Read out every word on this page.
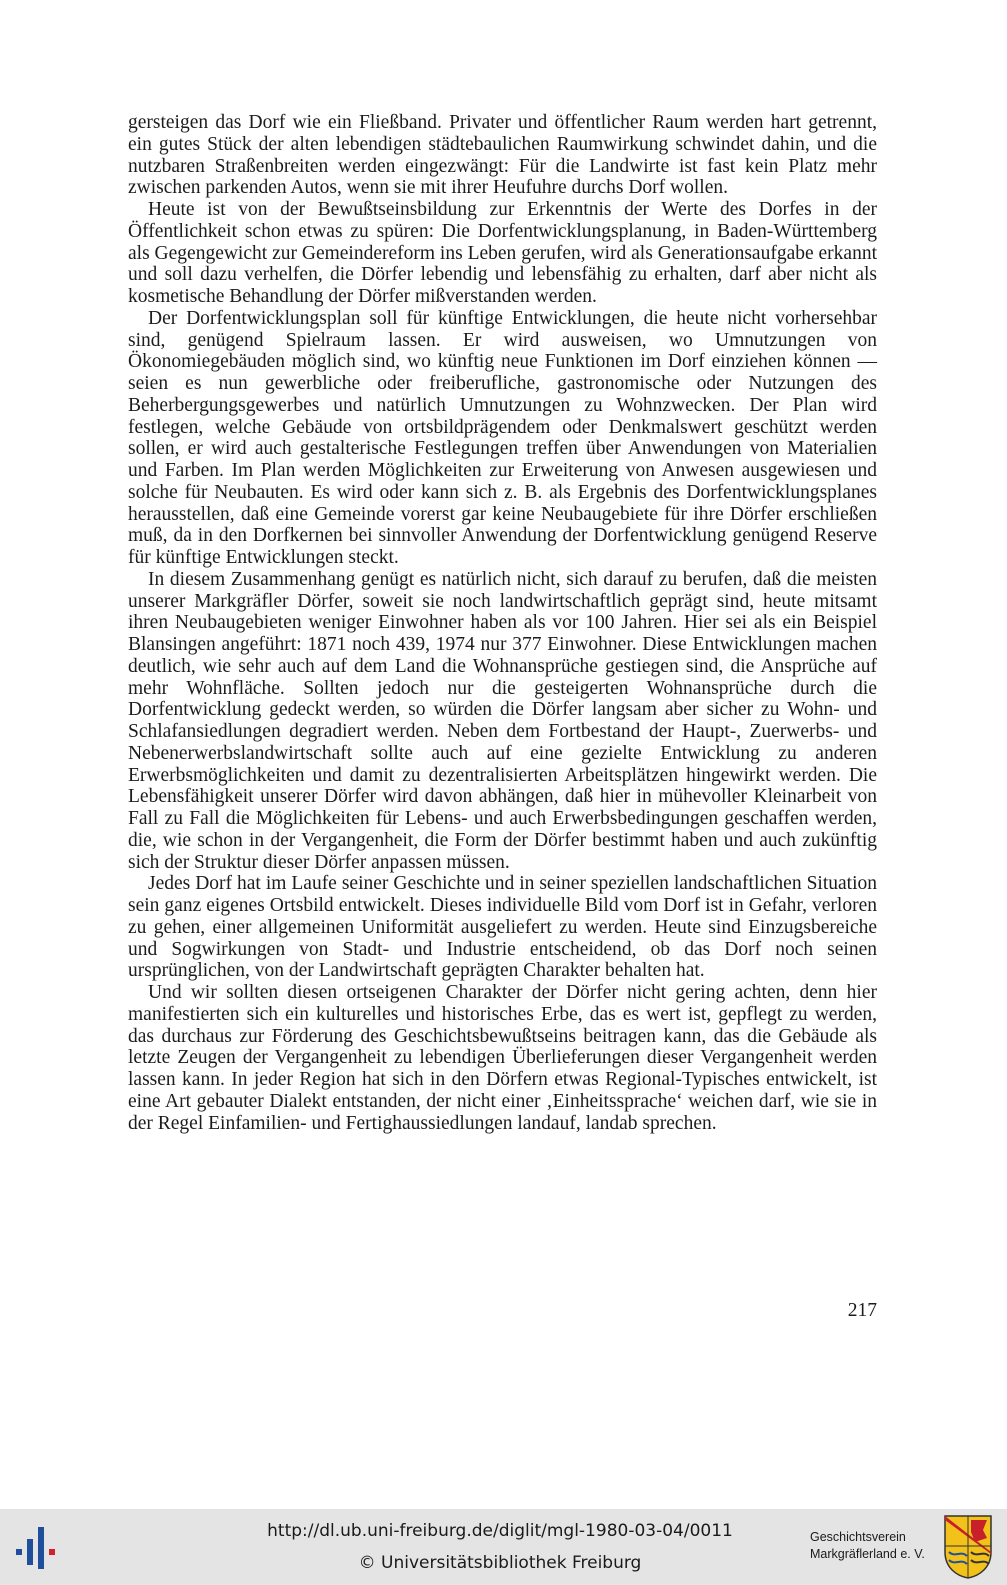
gersteigen das Dorf wie ein Fließband. Privater und öffentlicher Raum werden hart getrennt, ein gutes Stück der alten lebendigen städtebaulichen Raumwirkung schwindet dahin, und die nutzbaren Straßenbreiten werden eingezwängt: Für die Landwirte ist fast kein Platz mehr zwischen parkenden Autos, wenn sie mit ihrer Heufuhre durchs Dorf wollen.

Heute ist von der Bewußtseinsbildung zur Erkenntnis der Werte des Dorfes in der Öffentlichkeit schon etwas zu spüren: Die Dorfentwicklungsplanung, in Baden-Württemberg als Gegengewicht zur Gemeindereform ins Leben gerufen, wird als Generationsaufgabe erkannt und soll dazu verhelfen, die Dörfer lebendig und lebensfähig zu erhalten, darf aber nicht als kosmetische Behandlung der Dörfer mißverstanden werden.

Der Dorfentwicklungsplan soll für künftige Entwicklungen, die heute nicht vorhersehbar sind, genügend Spielraum lassen. Er wird ausweisen, wo Umnutzungen von Ökonomiegebäuden möglich sind, wo künftig neue Funktionen im Dorf einziehen können — seien es nun gewerbliche oder freiberufliche, gastronomische oder Nutzungen des Beherbergungsgewerbes und natürlich Umnutzungen zu Wohnzwecken. Der Plan wird festlegen, welche Gebäude von ortsbildprägendem oder Denkmalswert geschützt werden sollen, er wird auch gestalterische Festlegungen treffen über Anwendungen von Materialien und Farben. Im Plan werden Möglichkeiten zur Erweiterung von Anwesen ausgewiesen und solche für Neubauten. Es wird oder kann sich z. B. als Ergebnis des Dorfentwicklungsplanes herausstellen, daß eine Gemeinde vorerst gar keine Neubaugebiete für ihre Dörfer erschließen muß, da in den Dorfkernen bei sinnvoller Anwendung der Dorfentwicklung genügend Reserve für künftige Entwicklungen steckt.

In diesem Zusammenhang genügt es natürlich nicht, sich darauf zu berufen, daß die meisten unserer Markgräfler Dörfer, soweit sie noch landwirtschaftlich geprägt sind, heute mitsamt ihren Neubaugebieten weniger Einwohner haben als vor 100 Jahren. Hier sei als ein Beispiel Blansingen angeführt: 1871 noch 439, 1974 nur 377 Einwohner. Diese Entwicklungen machen deutlich, wie sehr auch auf dem Land die Wohnansprüche gestiegen sind, die Ansprüche auf mehr Wohnfläche. Sollten jedoch nur die gesteigerten Wohnansprüche durch die Dorfentwicklung gedeckt werden, so würden die Dörfer langsam aber sicher zu Wohn- und Schlafansiedlungen degradiert werden. Neben dem Fortbestand der Haupt-, Zuerwerbs- und Nebenerwerbslandwirtschaft sollte auch auf eine gezielte Entwicklung zu anderen Erwerbsmöglichkeiten und damit zu dezentralisierten Arbeitsplätzen hingewirkt werden. Die Lebensfähigkeit unserer Dörfer wird davon abhängen, daß hier in mühevoller Kleinarbeit von Fall zu Fall die Möglichkeiten für Lebens- und auch Erwerbsbedingungen geschaffen werden, die, wie schon in der Vergangenheit, die Form der Dörfer bestimmt haben und auch zukünftig sich der Struktur dieser Dörfer anpassen müssen.

Jedes Dorf hat im Laufe seiner Geschichte und in seiner speziellen landschaftlichen Situation sein ganz eigenes Ortsbild entwickelt. Dieses individuelle Bild vom Dorf ist in Gefahr, verloren zu gehen, einer allgemeinen Uniformität ausgeliefert zu werden. Heute sind Einzugsbereiche und Sogwirkungen von Stadt- und Industrie entscheidend, ob das Dorf noch seinen ursprünglichen, von der Landwirtschaft geprägten Charakter behalten hat.

Und wir sollten diesen ortseigenen Charakter der Dörfer nicht gering achten, denn hier manifestierten sich ein kulturelles und historisches Erbe, das es wert ist, gepflegt zu werden, das durchaus zur Förderung des Geschichtsbewußtseins beitragen kann, das die Gebäude als letzte Zeugen der Vergangenheit zu lebendigen Überlieferungen dieser Vergangenheit werden lassen kann. In jeder Region hat sich in den Dörfern etwas Regional-Typisches entwickelt, ist eine Art gebauter Dialekt entstanden, der nicht einer ‚Einheitssprache‘ weichen darf, wie sie in der Regel Einfamilien- und Fertighaussiedlungen landauf, landab sprechen.

217
http://dl.ub.uni-freiburg.de/diglit/mgl-1980-03-04/0011
© Universitätsbibliothek Freiburg
Geschichtsverein
Markgräflerland e. V.
